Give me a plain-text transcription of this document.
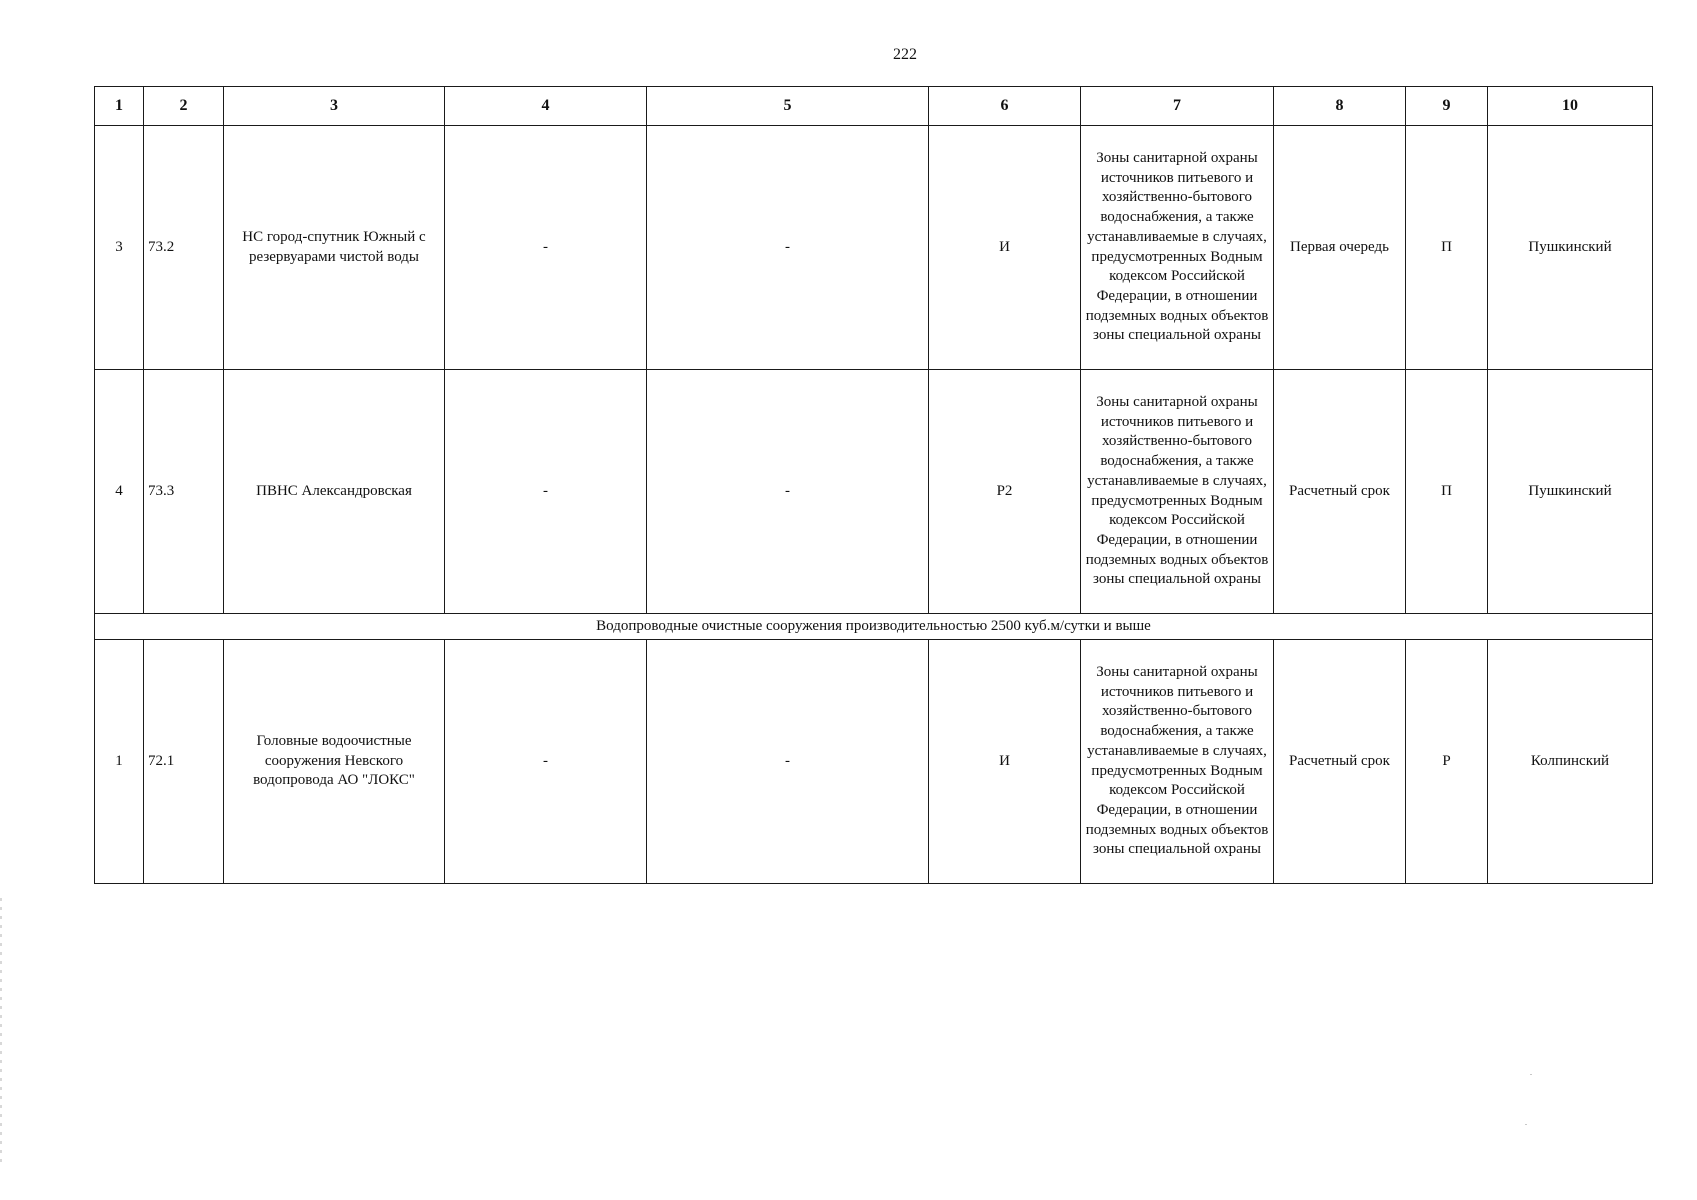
222
1	2	3	4	5	6	7	8	9	10
3	73.2	НС город-спутник Южный с резервуарами чистой воды	-	-	И	Зоны санитарной охраны источников питьевого и хозяйственно-бытового водоснабжения, а также устанавливаемые в случаях, предусмотренных Водным кодексом Российской Федерации, в отношении подземных водных объектов зоны специальной охраны	Первая очередь	П	Пушкинский
4	73.3	ПВНС Александровская	-	-	Р2	Зоны санитарной охраны источников питьевого и хозяйственно-бытового водоснабжения, а также устанавливаемые в случаях, предусмотренных Водным кодексом Российской Федерации, в отношении подземных водных объектов зоны специальной охраны	Расчетный срок	П	Пушкинский
Водопроводные очистные сооружения производительностью 2500 куб.м/сутки и выше									
1	72.1	Головные водоочистные сооружения Невского водопровода АО "ЛОКС"	-	-	И	Зоны санитарной охраны источников питьевого и хозяйственно-бытового водоснабжения, а также устанавливаемые в случаях, предусмотренных Водным кодексом Российской Федерации, в отношении подземных водных объектов зоны специальной охраны	Расчетный срок	Р	Колпинский
